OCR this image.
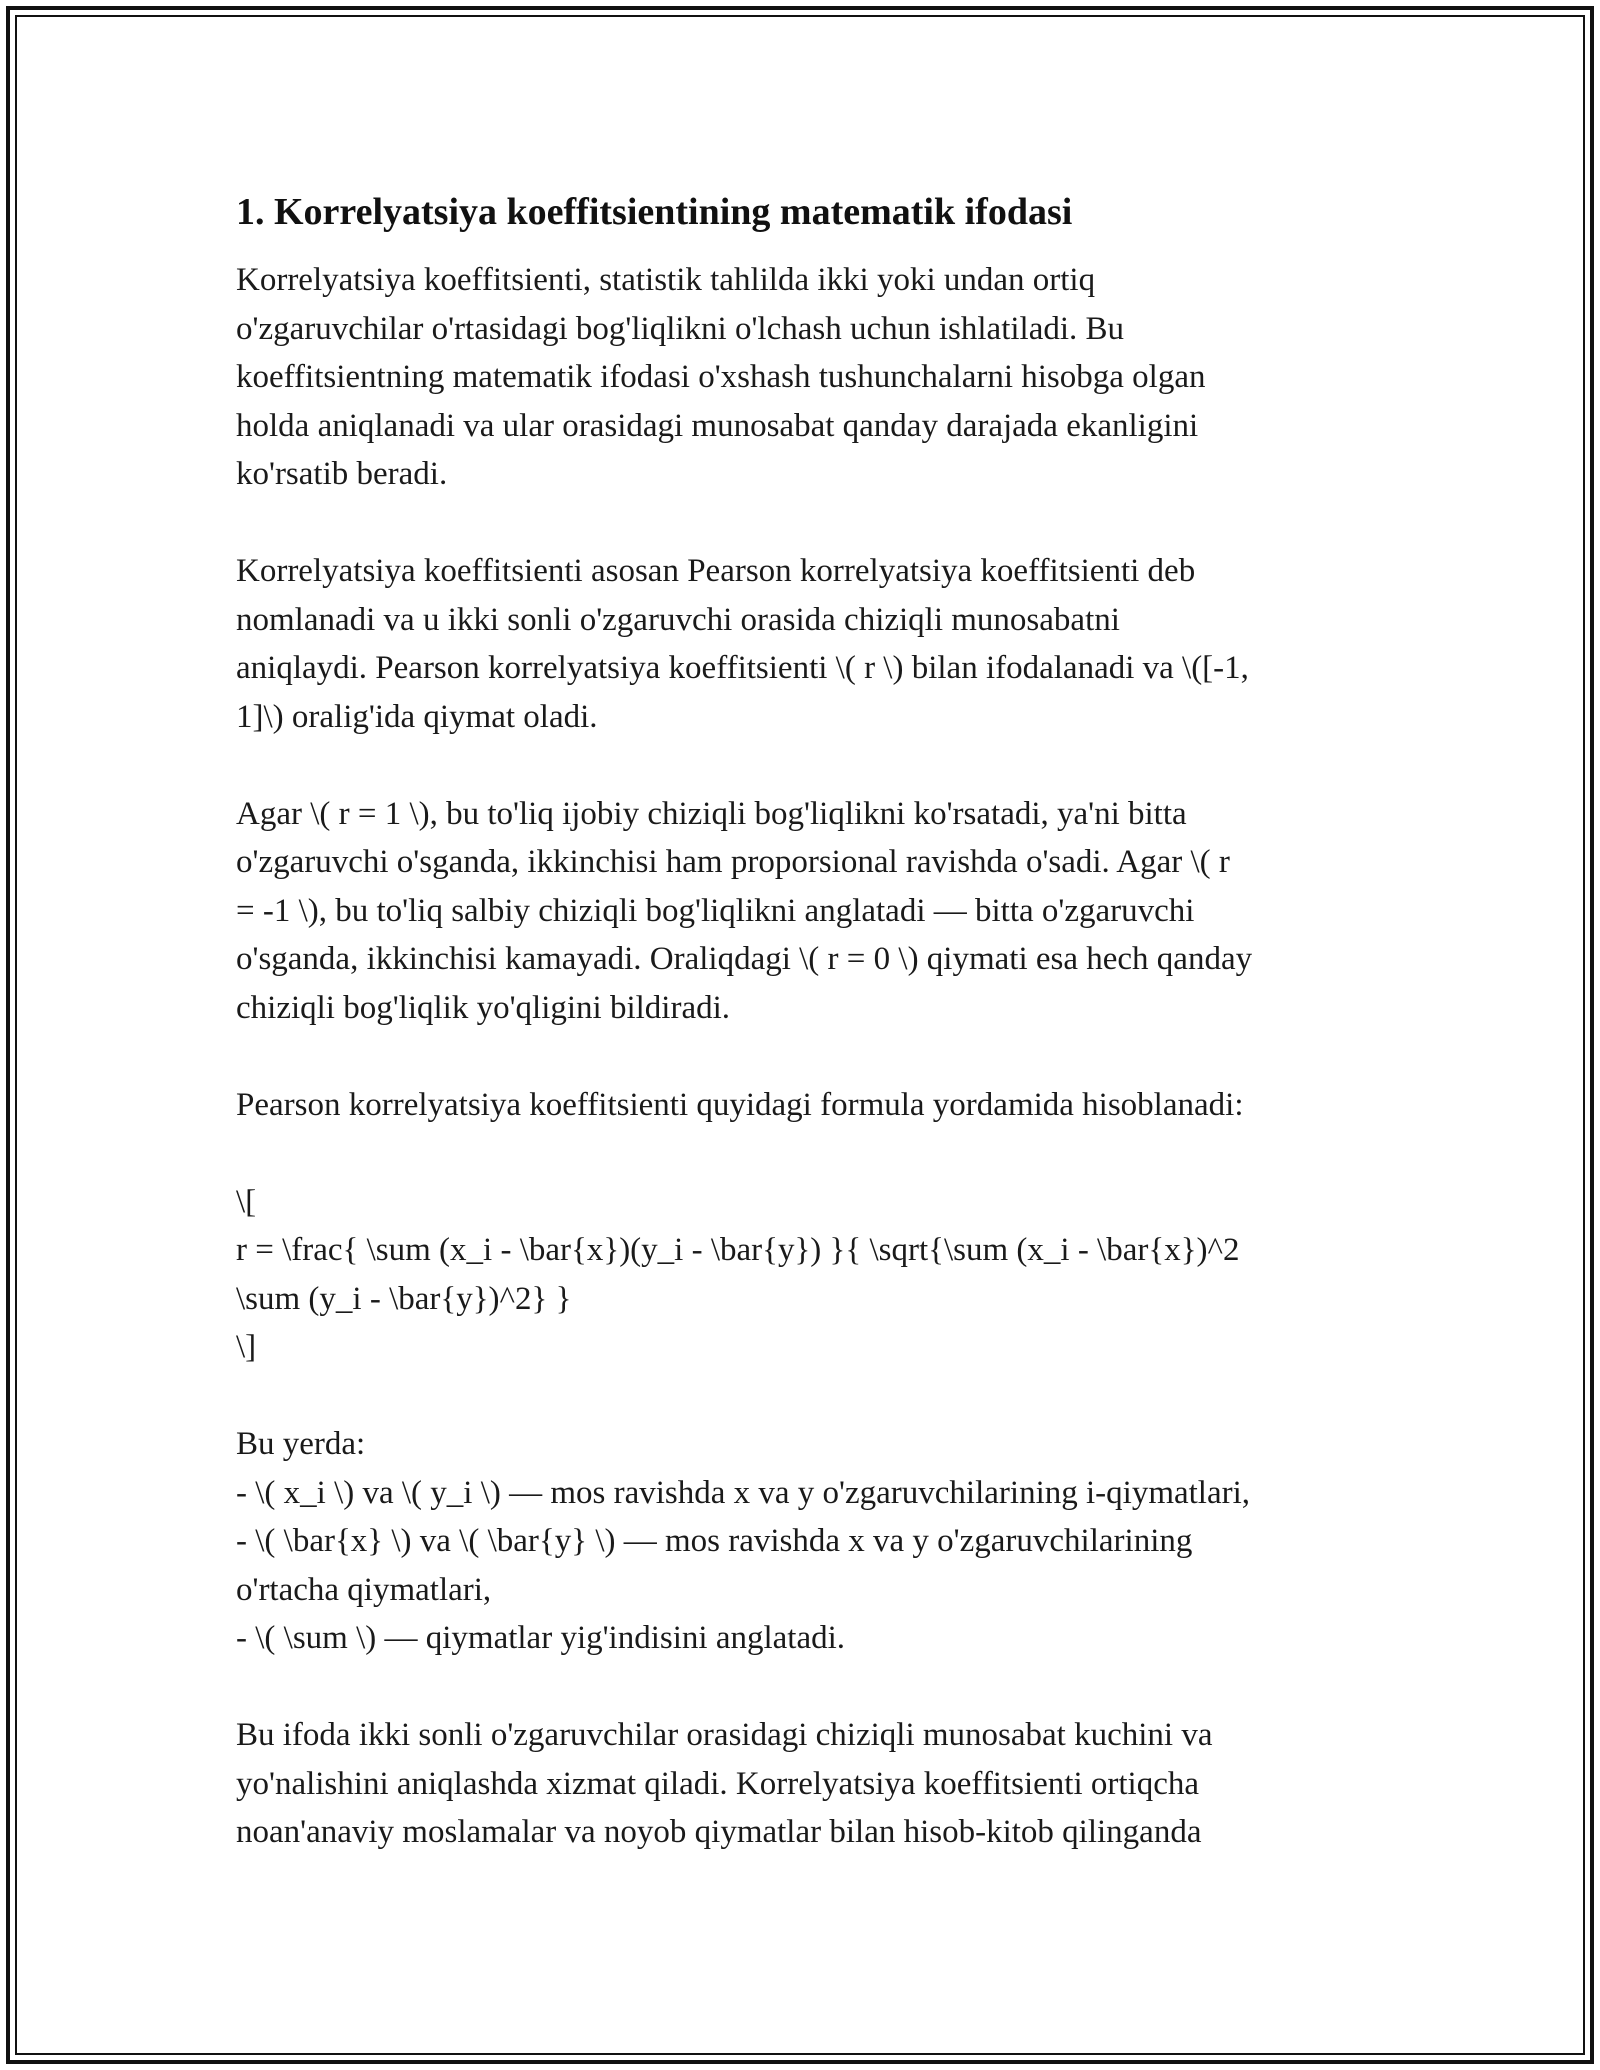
1. Korrelyatsiya koeffitsientining matematik ifodasi

Korrelyatsiya koeffitsienti, statistik tahlilda ikki yoki undan ortiq
o'zgaruvchilar o'rtasidagi bog'liqlikni o'lchash uchun ishlatiladi. Bu
koeffitsientning matematik ifodasi o'xshash tushunchalarni hisobga olgan
holda aniqlanadi va ular orasidagi munosabat qanday darajada ekanligini
ko'rsatib beradi.

Korrelyatsiya koeffitsienti asosan Pearson korrelyatsiya koeffitsienti deb
nomlanadi va u ikki sonli o'zgaruvchi orasida chiziqli munosabatni
aniqlaydi. Pearson korrelyatsiya koeffitsienti \( r \) bilan ifodalanadi va \([-1,
1]\) oralig'ida qiymat oladi.

Agar \( r = 1 \), bu to'liq ijobiy chiziqli bog'liqlikni ko'rsatadi, ya'ni bitta
o'zgaruvchi o'sganda, ikkinchisi ham proporsional ravishda o'sadi. Agar \( r
= -1 \), bu to'liq salbiy chiziqli bog'liqlikni anglatadi — bitta o'zgaruvchi
o'sganda, ikkinchisi kamayadi. Oraliqdagi \( r = 0 \) qiymati esa hech qanday
chiziqli bog'liqlik yo'qligini bildiradi.

Pearson korrelyatsiya koeffitsienti quyidagi formula yordamida hisoblanadi:

\[
r = \frac{ \sum (x_i - \bar{x})(y_i - \bar{y}) }{ \sqrt{\sum (x_i - \bar{x})^2
\sum (y_i - \bar{y})^2} }
\]

Bu yerda:
- \( x_i \) va \( y_i \) — mos ravishda x va y o'zgaruvchilarining i-qiymatlari,
- \( \bar{x} \) va \( \bar{y} \) — mos ravishda x va y o'zgaruvchilarining
o'rtacha qiymatlari,
- \( \sum \) — qiymatlar yig'indisini anglatadi.

Bu ifoda ikki sonli o'zgaruvchilar orasidagi chiziqli munosabat kuchini va
yo'nalishini aniqlashda xizmat qiladi. Korrelyatsiya koeffitsienti ortiqcha
noan'anaviy moslamalar va noyob qiymatlar bilan hisob-kitob qilinganda
